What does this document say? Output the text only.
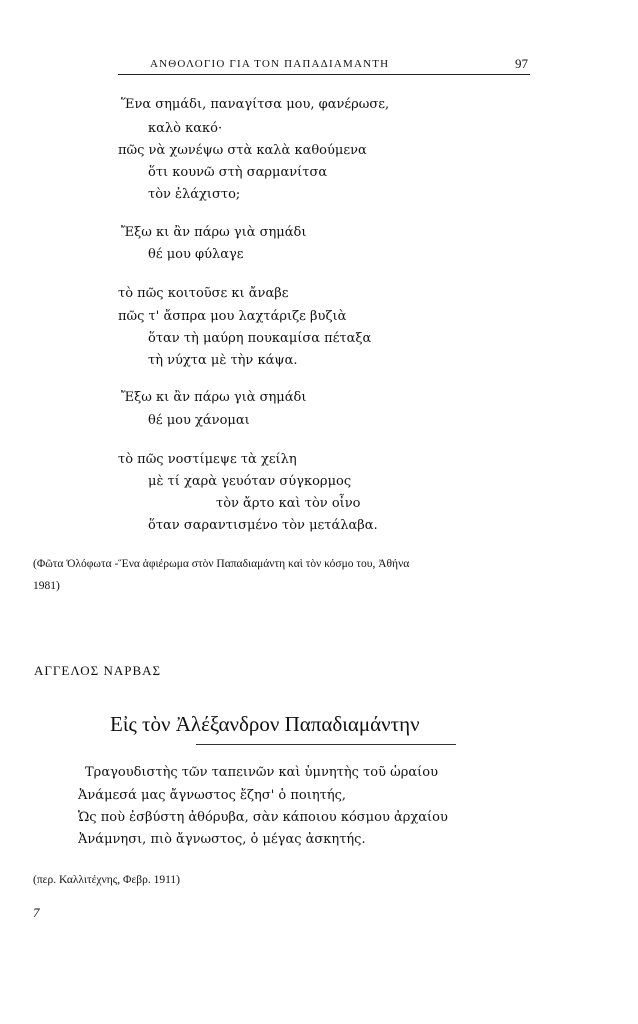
ΑΝΘΟΛΟΓΙΟ ΓΙΑ ΤΟΝ ΠΑΠΑΔΙΑΜΑΝΤΗ	97
Ἕνα σημάδι, παναγίτσα μου, φανέρωσε,
καλὸ κακό·
πῶς νὰ χωνέψω στὰ καλὰ καθούμενα
ὅτι κουνῶ στὴ σαρμανίτσα
τὸν ἐλάχιστο;
Ἔξω κι ἂν πάρω γιὰ σημάδι
θέ μου φύλαγε
τὸ πῶς κοιτοῦσε κι ἄναβε
πῶς τ' ἄσπρα μου λαχτάριζε βυζιὰ
ὅταν τὴ μαύρη πουκαμίσα πέταξα
τὴ νύχτα μὲ τὴν κάψα.
Ἔξω κι ἂν πάρω γιὰ σημάδι
θέ μου χάνομαι
τὸ πῶς νοστίμεψε τὰ χείλη
μὲ τί χαρὰ γευόταν σύγκορμος
τὸν ἄρτο καὶ τὸν οἶνο
ὅταν σαραντισμένο τὸν μετάλαβα.
(Φῶτα Ὁλόφωτα -Ἕνα ἀφιέρωμα στὸν Παπαδιαμάντη καὶ τὸν κόσμο του, Ἀθήνα
1981)
ΑΓΓΕΛΟΣ ΝΑΡΒΑΣ
Εἰς τὸν Ἀλέξανδρον Παπαδιαμάντην
Τραγουδιστὴς τῶν ταπεινῶν καὶ ὑμνητὴς τοῦ ὡραίου
Ἀνάμεσά μας ἄγνωστος ἔζησ' ὁ ποιητής,
Ὡς ποὺ ἐσβύστη ἀθόρυβα, σὰν κάποιου κόσμου ἀρχαίου
Ἀνάμνησι, πιὸ ἄγνωστος, ὁ μέγας ἀσκητής.
(περ. Καλλιτέχνης, Φεβρ. 1911)
7
